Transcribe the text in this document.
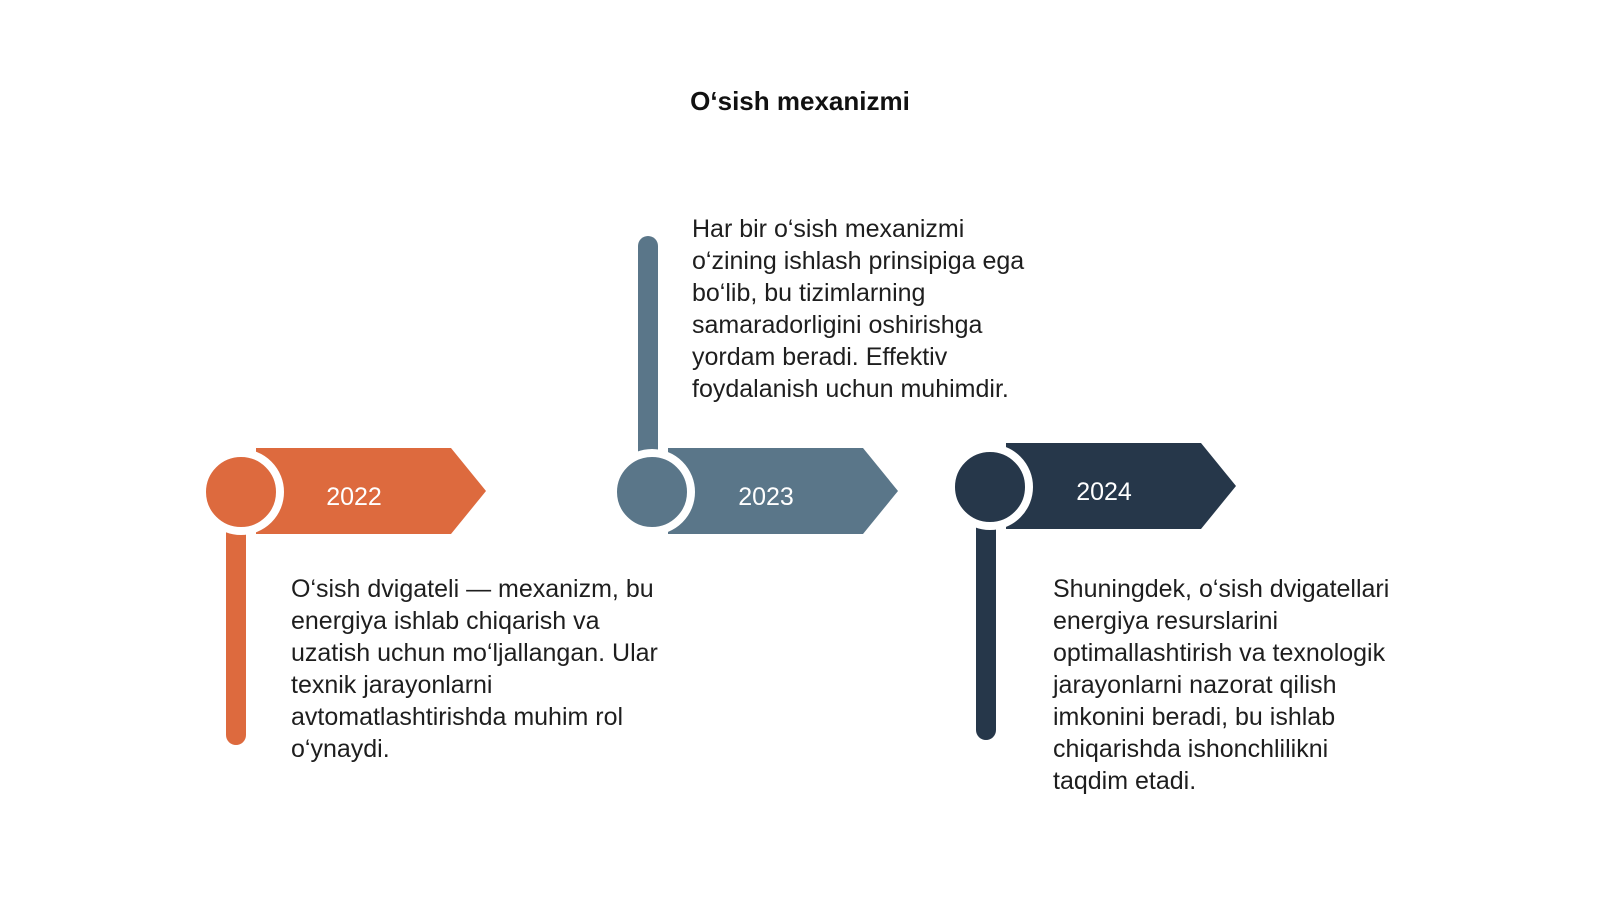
O‘sish mexanizmi
2022
O‘sish dvigateli — mexanizm, bu energiya ishlab chiqarish va uzatish uchun mo‘ljallangan. Ular texnik jarayonlarni avtomatlashtirishda muhim rol o‘ynaydi.
2023
Har bir o‘sish mexanizmi o‘zining ishlash prinsipiga ega bo‘lib, bu tizimlarning samaradorligini oshirishga yordam beradi. Effektiv foydalanish uchun muhimdir.
2024
Shuningdek, o‘sish dvigatellari energiya resurslarini optimallashtirish va texnologik jarayonlarni nazorat qilish imkonini beradi, bu ishlab chiqarishda ishonchlilikni taqdim etadi.
